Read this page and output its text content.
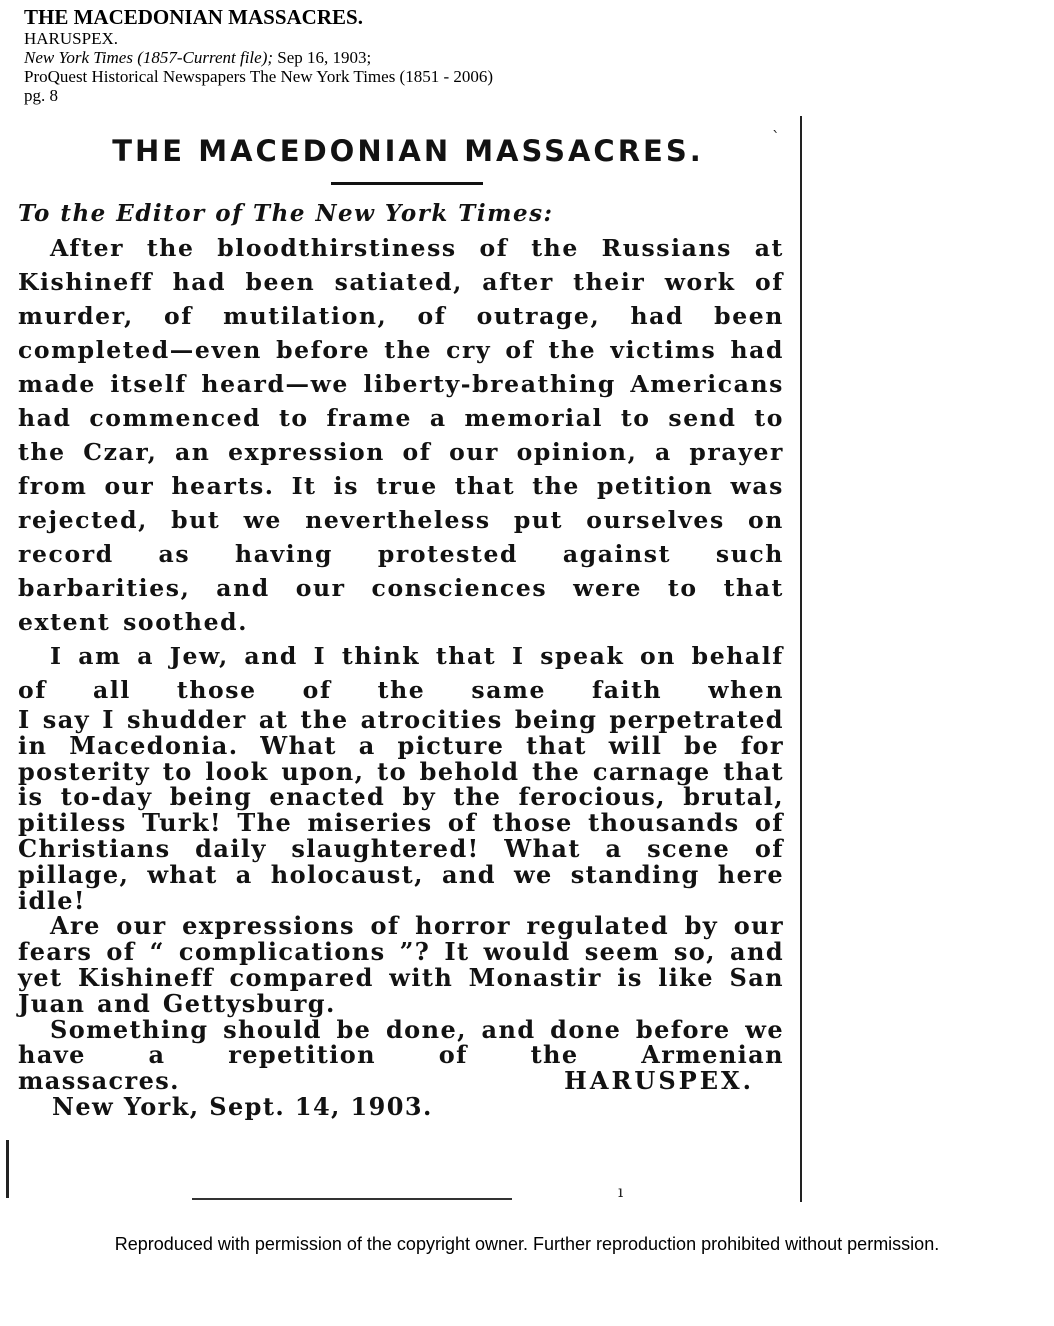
THE MACEDONIAN MASSACRES.
HARUSPEX.
New York Times (1857-Current file); Sep 16, 1903;
ProQuest Historical Newspapers The New York Times (1851 - 2006)
pg. 8
`
ı
THE MACEDONIAN MASSACRES.
To the Editor of The New York Times:

After the bloodthirstiness of the Russians at Kishineff had been satiated, after their work of murder, of mutilation, of outrage, had been completed—even before the cry of the victims had made itself heard—we liberty-breathing Americans had commenced to frame a memorial to send to the Czar, an expression of our opinion, a prayer from our hearts. It is true that the petition was rejected, but we nevertheless put ourselves on record as having protested against such barbarities, and our consciences were to that extent soothed.

I am a Jew, and I think that I speak on behalf of all those of the same faith when

I say I shudder at the atrocities being perpetrated in Macedonia. What a picture that will be for posterity to look upon, to behold the carnage that is to-day being enacted by the ferocious, brutal, pitiless Turk! The miseries of those thousands of Christians daily slaughtered! What a scene of pillage, what a holocaust, and we standing here idle!

Are our expressions of horror regulated by our fears of “ complications ”? It would seem so, and yet Kishineff compared with Monastir is like San Juan and Gettysburg.

Something should be done, and done before we have a repetition of the Armenian

massacres.	HARUSPEX.
New York, Sept. 14, 1903.
Reproduced with permission of the copyright owner. Further reproduction prohibited without permission.
